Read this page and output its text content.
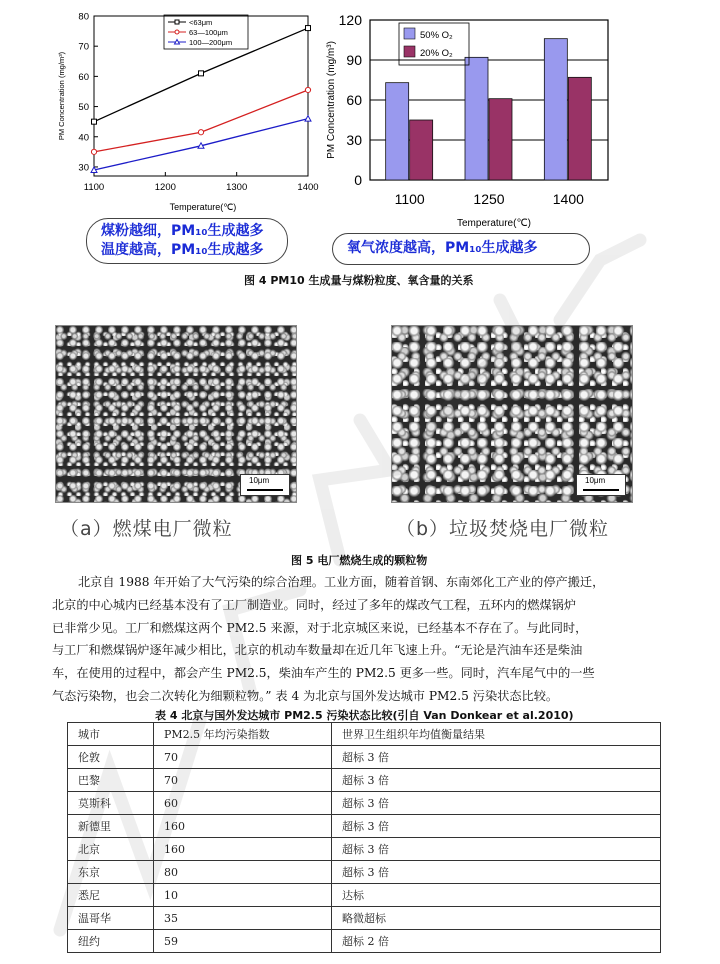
30
40
50
60
70
80
1100	1200	1300	1400
Temperature(℃)
PM Concentration (mg/m³)
<63μm
63—100μm
100—200μm
0
30
60
90
120
1100	1250	1400
Temperature(℃)
PM Concentration (mg/m³)
50% O₂
20% O₂
煤粉越细，PM₁₀生成越多
温度越高，PM₁₀生成越多	氧气浓度越高，PM₁₀生成越多
图 4 PM10 生成量与煤粉粒度、氧含量的关系
10μm	10μm
（a）燃煤电厂微粒	（b）垃圾焚烧电厂微粒
图 5 电厂燃烧生成的颗粒物
北京自 1988 年开始了大气污染的综合治理。工业方面，随着首钢、东南郊化工产业的停产搬迁，
北京的中心城内已经基本没有了工厂制造业。同时，经过了多年的煤改气工程，五环内的燃煤锅炉
已非常少见。工厂和燃煤这两个 PM2.5 来源，对于北京城区来说，已经基本不存在了。与此同时，
与工厂和燃煤锅炉逐年减少相比，北京的机动车数量却在近几年飞速上升。“无论是汽油车还是柴油
车，在使用的过程中，都会产生 PM2.5，柴油车产生的 PM2.5 更多一些。同时，汽车尾气中的一些
气态污染物，也会二次转化为细颗粒物。” 表 4 为北京与国外发达城市 PM2.5 污染状态比较。
表 4 北京与国外发达城市 PM2.5 污染状态比较(引自 Van Donkear et al.2010)
城市	PM2.5 年均污染指数	世界卫生组织年均值衡量结果
伦敦	70	超标 3 倍
巴黎	70	超标 3 倍
莫斯科	60	超标 3 倍
新德里	160	超标 3 倍
北京	160	超标 3 倍
东京	80	超标 3 倍
悉尼	10	达标
温哥华	35	略微超标
纽约	59	超标 2 倍
